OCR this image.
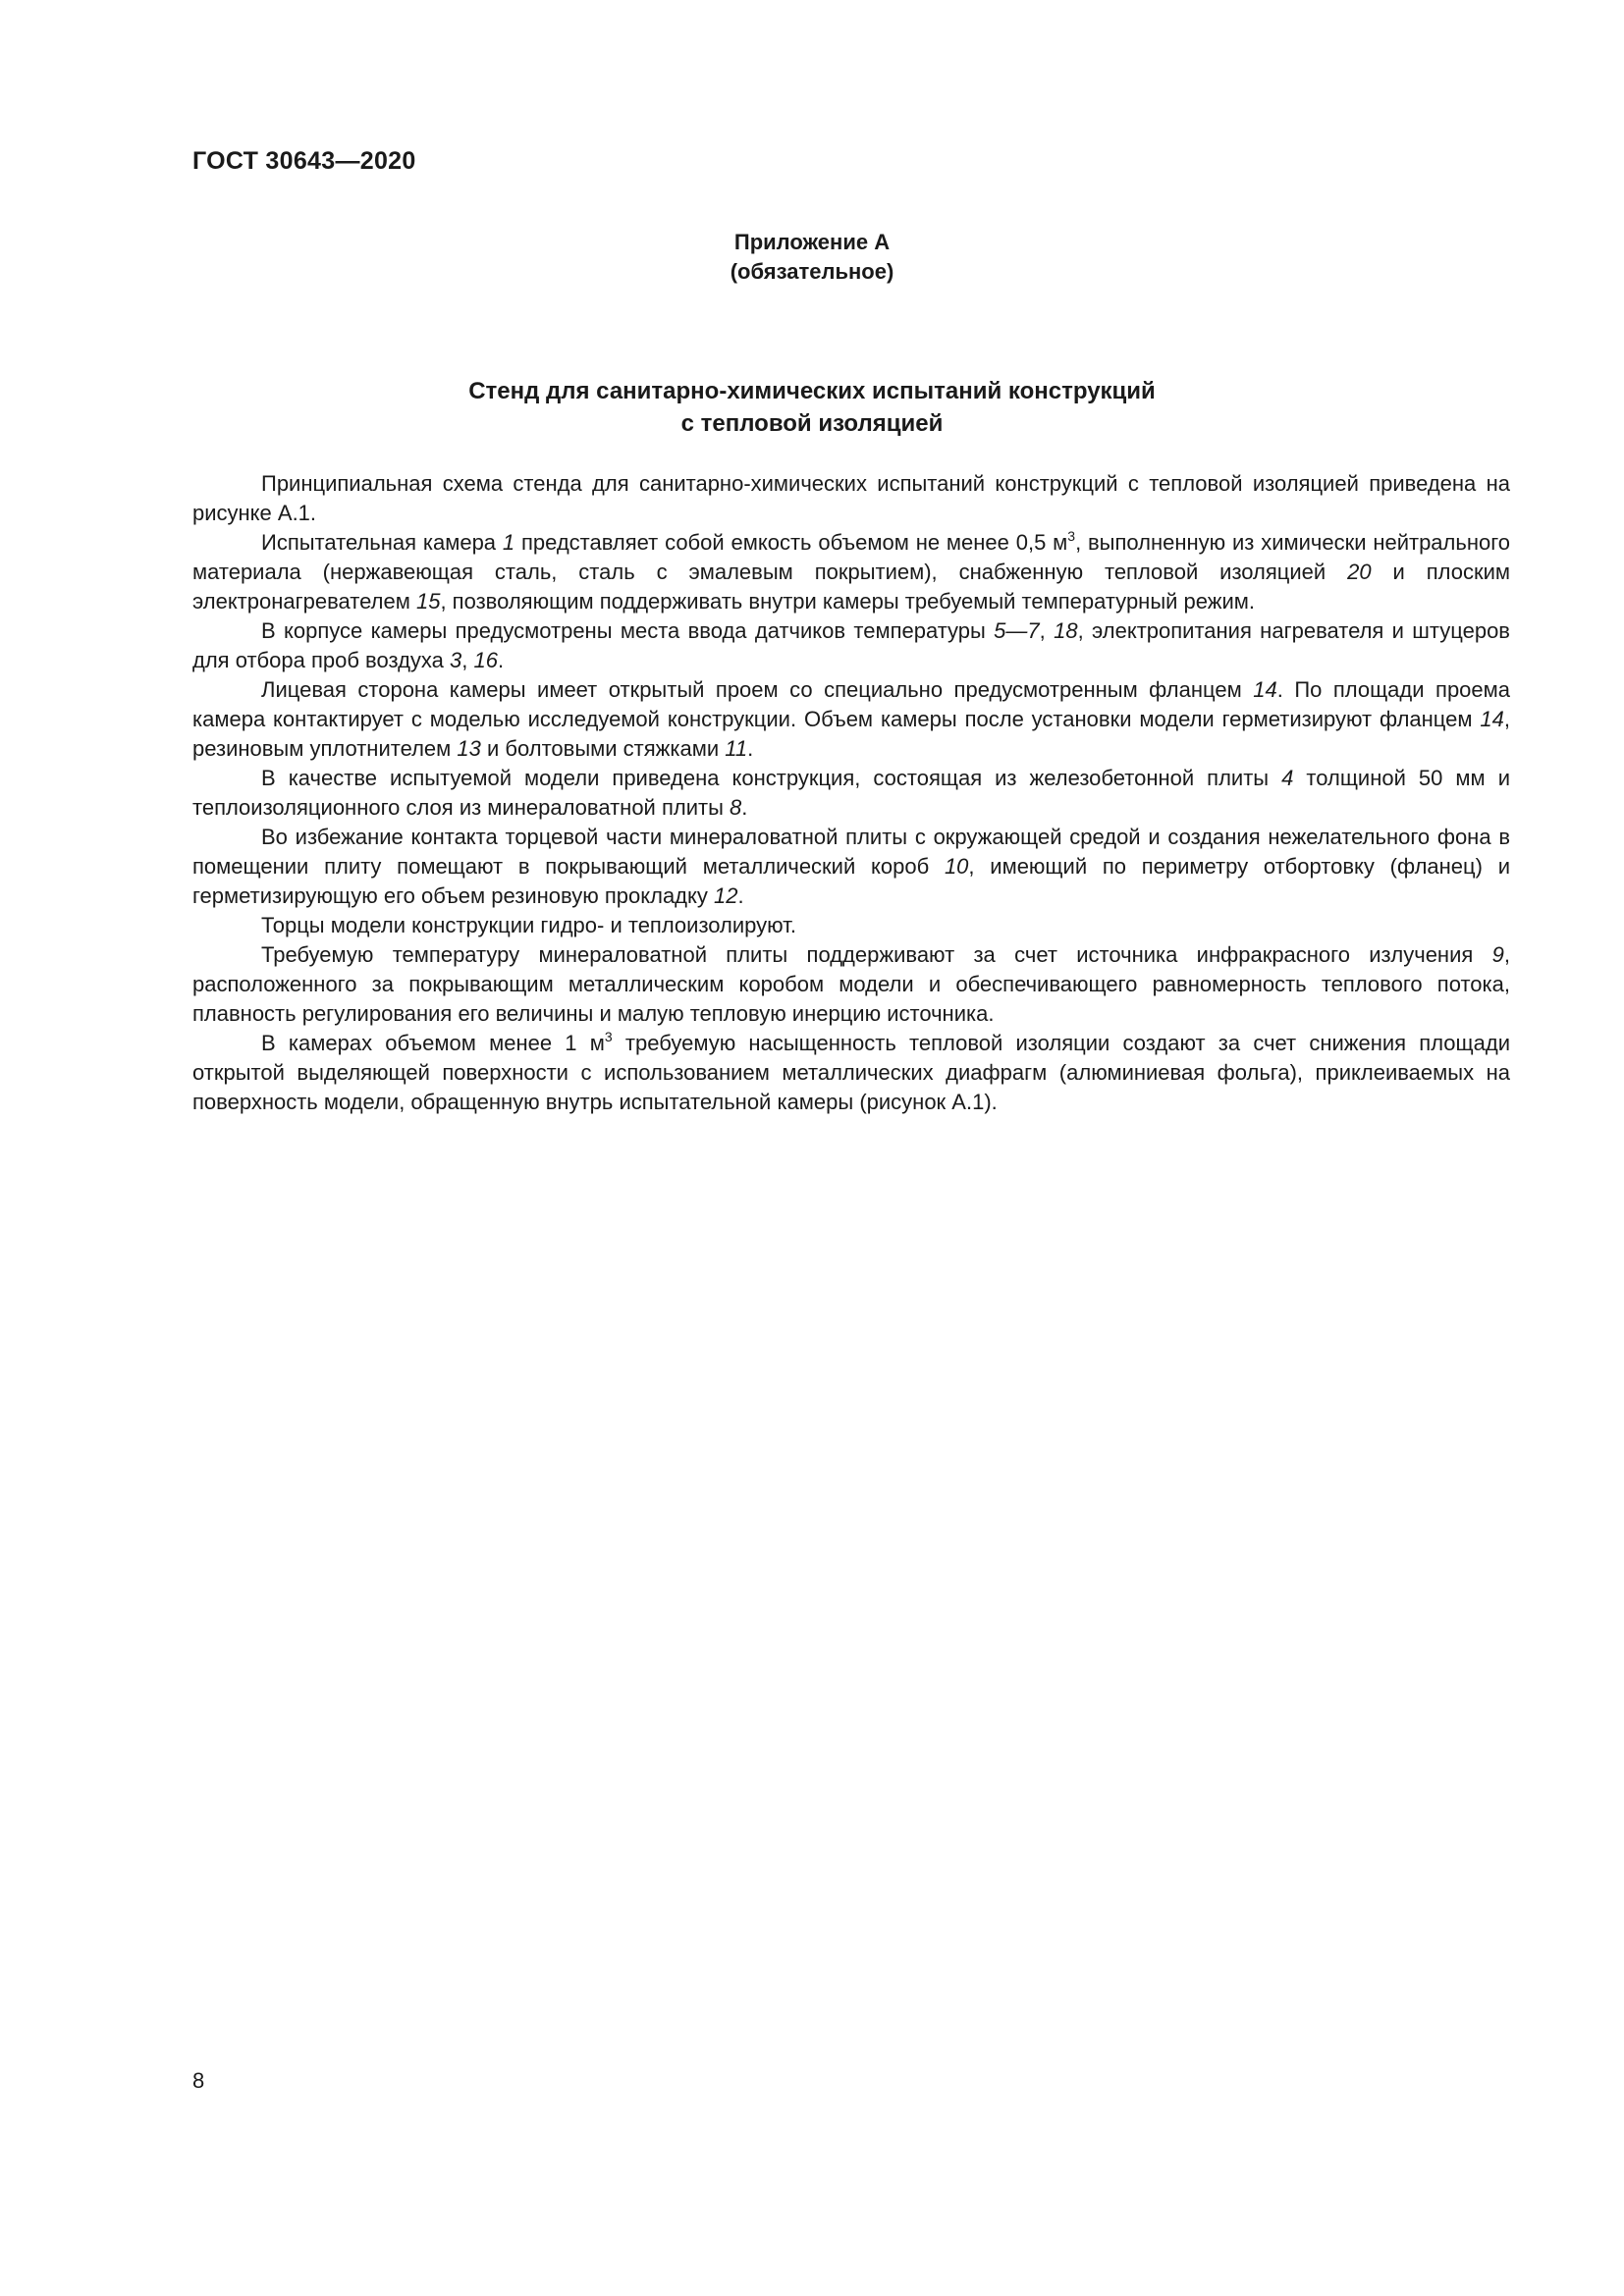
ГОСТ 30643—2020
Приложение А
(обязательное)
Стенд для санитарно-химических испытаний конструкций
с тепловой изоляцией

Принципиальная схема стенда для санитарно-химических испытаний конструкций с тепловой изоляцией приведена на рисунке А.1.

Испытательная камера 1 представляет собой емкость объемом не менее 0,5 $м^3$, выполненную из химически нейтрального материала (нержавеющая сталь, сталь с эмалевым покрытием), снабженную тепловой изоляцией 20 и плоским электронагревателем 15, позволяющим поддерживать внутри камеры требуемый температурный режим.

В корпусе камеры предусмотрены места ввода датчиков температуры 5—7, 18, электропитания нагревателя и штуцеров для отбора проб воздуха 3, 16.

Лицевая сторона камеры имеет открытый проем со специально предусмотренным фланцем 14. По площади проема камера контактирует с моделью исследуемой конструкции. Объем камеры после установки модели герметизируют фланцем 14, резиновым уплотнителем 13 и болтовыми стяжками 11.

В качестве испытуемой модели приведена конструкция, состоящая из железобетонной плиты 4 толщиной 50 мм и теплоизоляционного слоя из минераловатной плиты 8.

Во избежание контакта торцевой части минераловатной плиты с окружающей средой и создания нежелательного фона в помещении плиту помещают в покрывающий металлический короб 10, имеющий по периметру отбортовку (фланец) и герметизирующую его объем резиновую прокладку 12.

Торцы модели конструкции гидро- и теплоизолируют.

Требуемую температуру минераловатной плиты поддерживают за счет источника инфракрасного излучения 9, расположенного за покрывающим металлическим коробом модели и обеспечивающего равномерность теплового потока, плавность регулирования его величины и малую тепловую инерцию источника.

В камерах объемом менее 1 $м^3$ требуемую насыщенность тепловой изоляции создают за счет снижения площади открытой выделяющей поверхности с использованием металлических диафрагм (алюминиевая фольга), приклеиваемых на поверхность модели, обращенную внутрь испытательной камеры (рисунок А.1).

8
